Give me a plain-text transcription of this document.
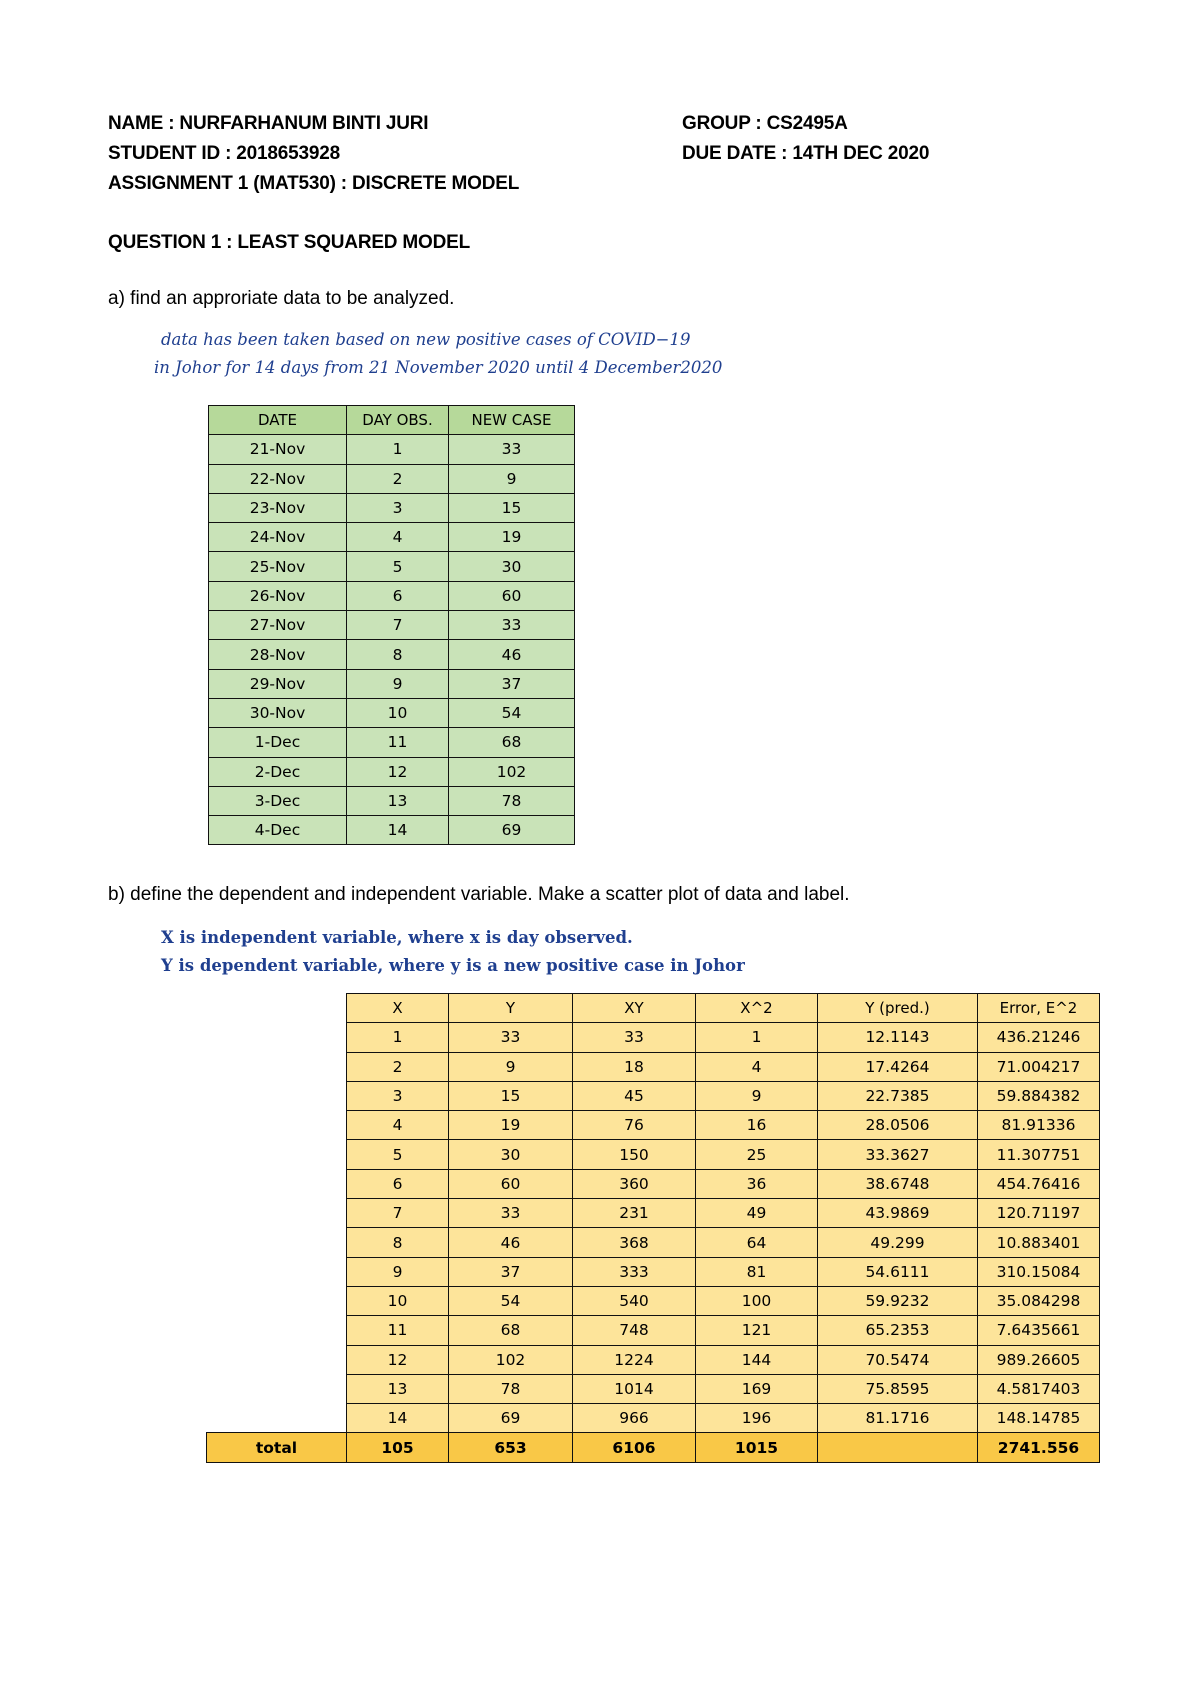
NAME : NURFARHANUM BINTI JURI	GROUP : CS2495A
STUDENT ID : 2018653928	DUE DATE : 14TH DEC 2020
ASSIGNMENT 1 (MAT530) : DISCRETE MODEL
QUESTION 1 : LEAST SQUARED MODEL
a) find an approriate data to be analyzed.
data has been taken based on new positive cases of COVID−19
in Johor for 14 days from 21 November 2020 until 4 December2020
DATE	DAY OBS.	NEW CASE
21-Nov	1	33
22-Nov	2	9
23-Nov	3	15
24-Nov	4	19
25-Nov	5	30
26-Nov	6	60
27-Nov	7	33
28-Nov	8	46
29-Nov	9	37
30-Nov	10	54
1-Dec	11	68
2-Dec	12	102
3-Dec	13	78
4-Dec	14	69
b) define the dependent and independent variable. Make a scatter plot of data and label.
X is independent variable, where x is day observed.
Y is dependent variable, where y is a new positive case in Johor
	X	Y	XY	X^2	Y (pred.)	Error, E^2
	1	33	33	1	12.1143	436.21246
	2	9	18	4	17.4264	71.004217
	3	15	45	9	22.7385	59.884382
	4	19	76	16	28.0506	81.91336
	5	30	150	25	33.3627	11.307751
	6	60	360	36	38.6748	454.76416
	7	33	231	49	43.9869	120.71197
	8	46	368	64	49.299	10.883401
	9	37	333	81	54.6111	310.15084
	10	54	540	100	59.9232	35.084298
	11	68	748	121	65.2353	7.6435661
	12	102	1224	144	70.5474	989.26605
	13	78	1014	169	75.8595	4.5817403
	14	69	966	196	81.1716	148.14785
total	105	653	6106	1015		2741.556
